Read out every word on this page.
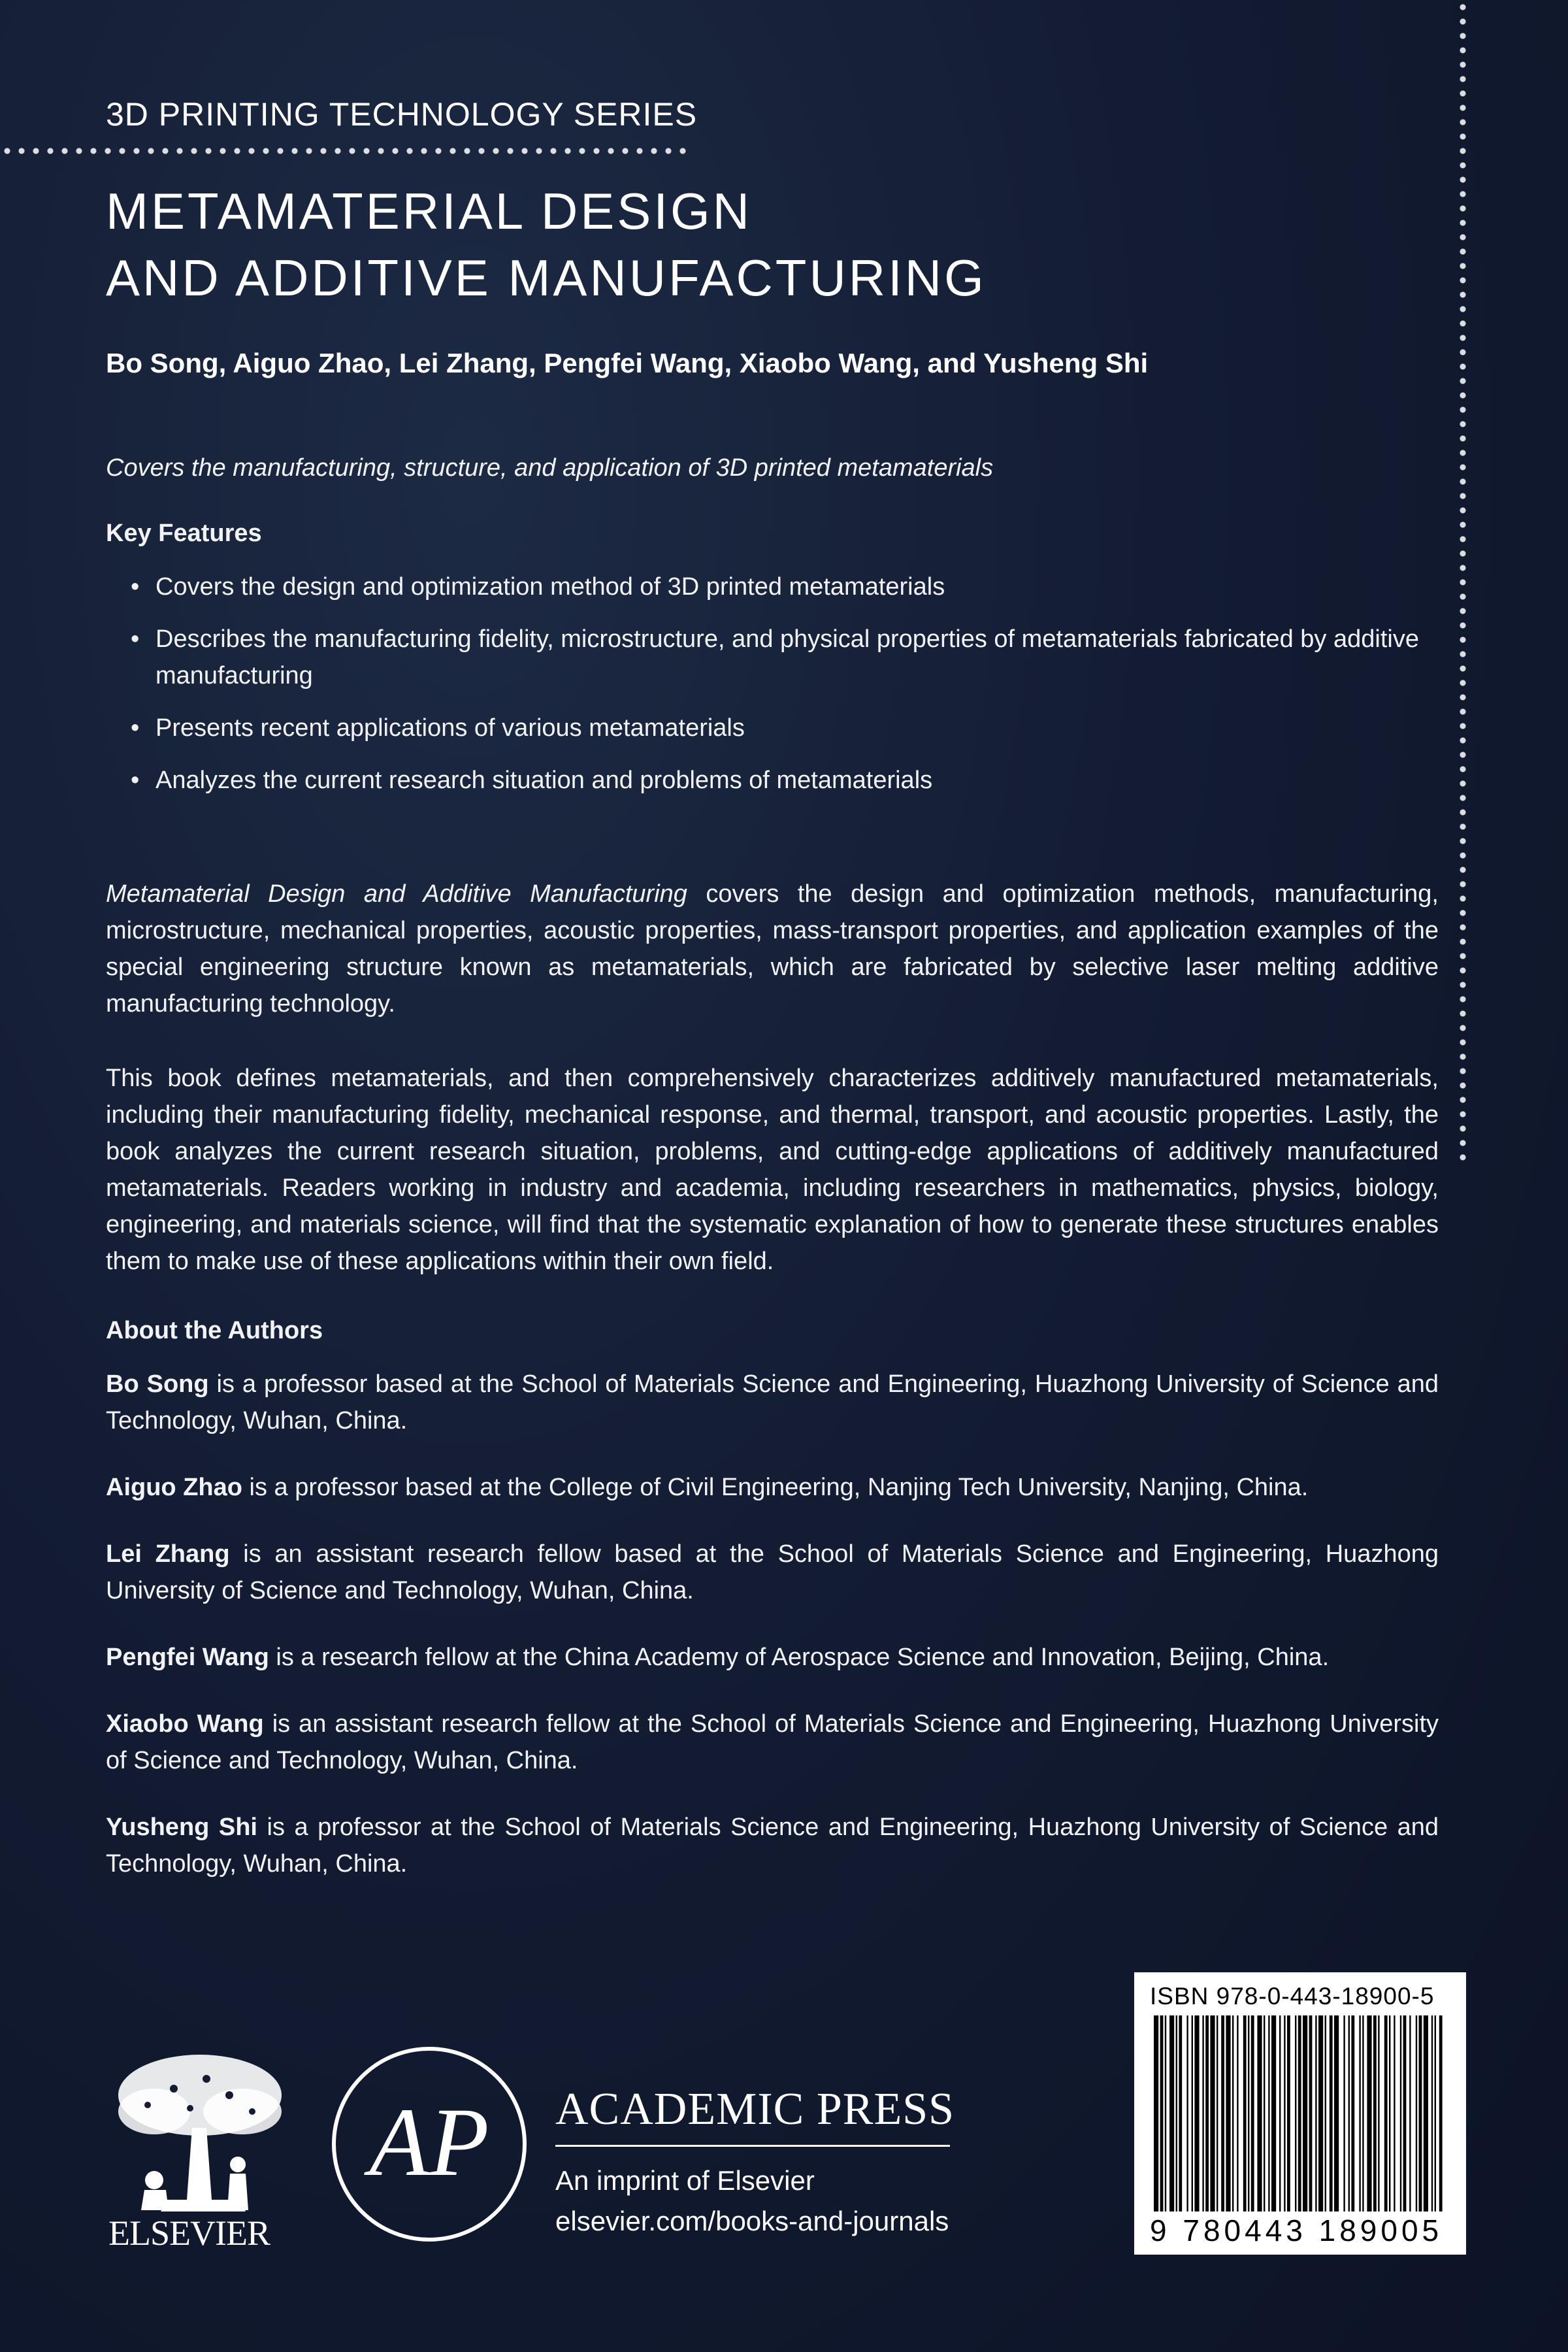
3D PRINTING TECHNOLOGY SERIES
METAMATERIAL DESIGN
AND ADDITIVE MANUFACTURING
Bo Song, Aiguo Zhao, Lei Zhang, Pengfei Wang, Xiaobo Wang, and Yusheng Shi

Covers the manufacturing, structure, and application of 3D printed metamaterials

Key Features
• Covers the design and optimization method of 3D printed metamaterials
• Describes the manufacturing fidelity, microstructure, and physical properties of metamaterials fabricated by additive manufacturing
• Presents recent applications of various metamaterials
• Analyzes the current research situation and problems of metamaterials

Metamaterial Design and Additive Manufacturing covers the design and optimization methods, manufacturing, microstructure, mechanical properties, acoustic properties, mass-transport properties, and application examples of the special engineering structure known as metamaterials, which are fabricated by selective laser melting additive manufacturing technology.

This book defines metamaterials, and then comprehensively characterizes additively manufactured metamaterials, including their manufacturing fidelity, mechanical response, and thermal, transport, and acoustic properties. Lastly, the book analyzes the current research situation, problems, and cutting-edge applications of additively manufactured metamaterials. Readers working in industry and academia, including researchers in mathematics, physics, biology, engineering, and materials science, will find that the systematic explanation of how to generate these structures enables them to make use of these applications within their own field.

About the Authors

Bo Song is a professor based at the School of Materials Science and Engineering, Huazhong University of Science and Technology, Wuhan, China.

Aiguo Zhao is a professor based at the College of Civil Engineering, Nanjing Tech University, Nanjing, China.

Lei Zhang is an assistant research fellow based at the School of Materials Science and Engineering, Huazhong University of Science and Technology, Wuhan, China.

Pengfei Wang is a research fellow at the China Academy of Aerospace Science and Innovation, Beijing, China.

Xiaobo Wang is an assistant research fellow at the School of Materials Science and Engineering, Huazhong University of Science and Technology, Wuhan, China.

Yusheng Shi is a professor at the School of Materials Science and Engineering, Huazhong University of Science and Technology, Wuhan, China.

ELSEVIER
AP ACADEMIC PRESS
An imprint of Elsevier
elsevier.com/books-and-journals
ISBN 978-0-443-18900-5
9 780443 189005
